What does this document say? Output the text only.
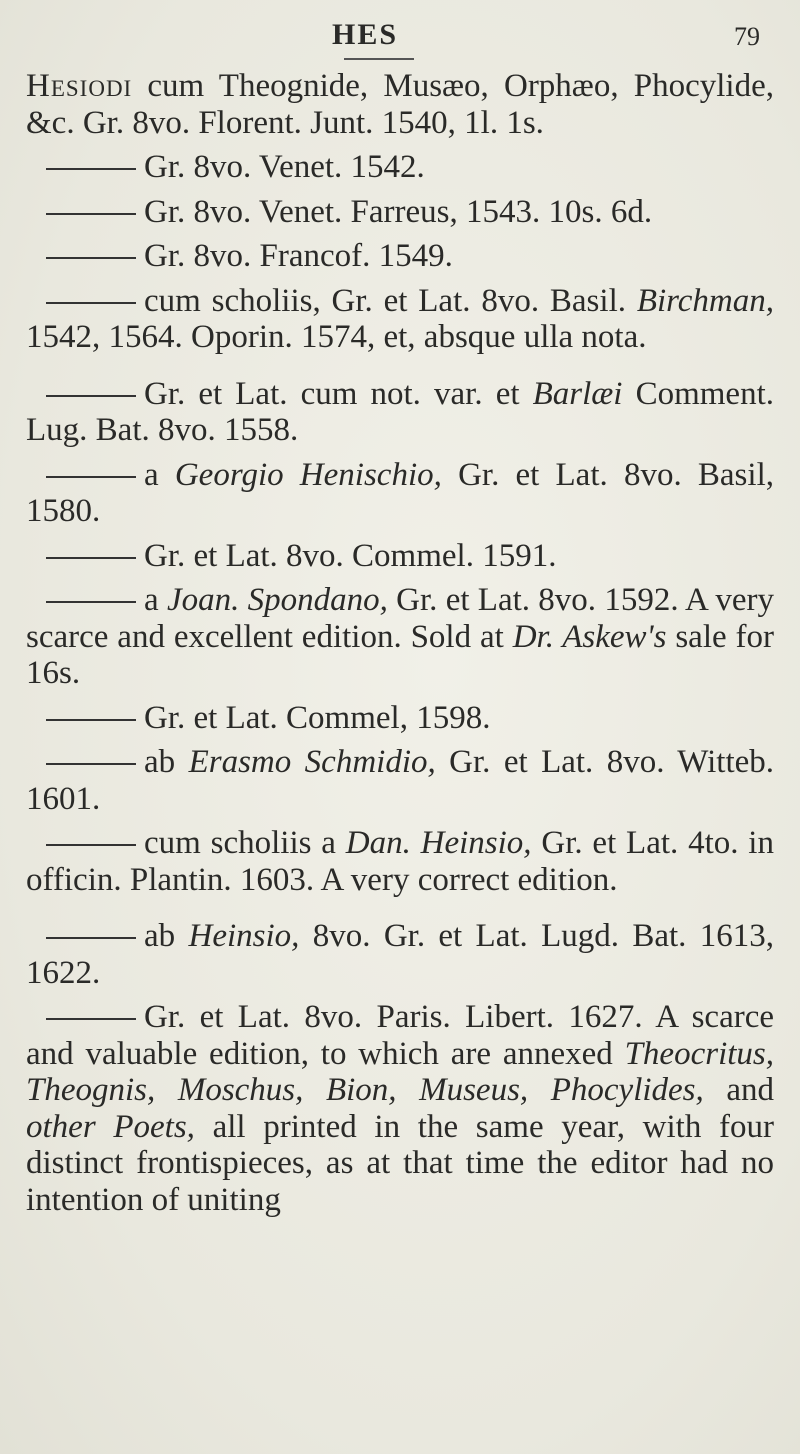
HES	79

Hesiodi cum Theognide, Musæo, Orphæo, Phocylide, &c. Gr. 8vo. Florent. Junt. 1540, 1l. 1s.

Gr. 8vo. Venet. 1542.

Gr. 8vo. Venet. Farreus, 1543. 10s. 6d.

Gr. 8vo. Francof. 1549.

cum scholiis, Gr. et Lat. 8vo. Basil. Birchman, 1542, 1564. Oporin. 1574, et, absque ulla nota.

Gr. et Lat. cum not. var. et Barlæi Comment. Lug. Bat. 8vo. 1558.

a Georgio Henischio, Gr. et Lat. 8vo. Basil, 1580.

Gr. et Lat. 8vo. Commel. 1591.

a Joan. Spondano, Gr. et Lat. 8vo. 1592. A very scarce and excellent edition. Sold at Dr. Askew's sale for 16s.

Gr. et Lat. Commel, 1598.

ab Erasmo Schmidio, Gr. et Lat. 8vo. Witteb. 1601.

cum scholiis a Dan. Heinsio, Gr. et Lat. 4to. in officin. Plantin. 1603. A very correct edition.

ab Heinsio, 8vo. Gr. et Lat. Lugd. Bat. 1613, 1622.

Gr. et Lat. 8vo. Paris. Libert. 1627. A scarce and valuable edition, to which are annexed Theocritus, Theognis, Moschus, Bion, Museus, Phocylides, and other Poets, all printed in the same year, with four distinct frontispieces, as at that time the editor had no intention of uniting
